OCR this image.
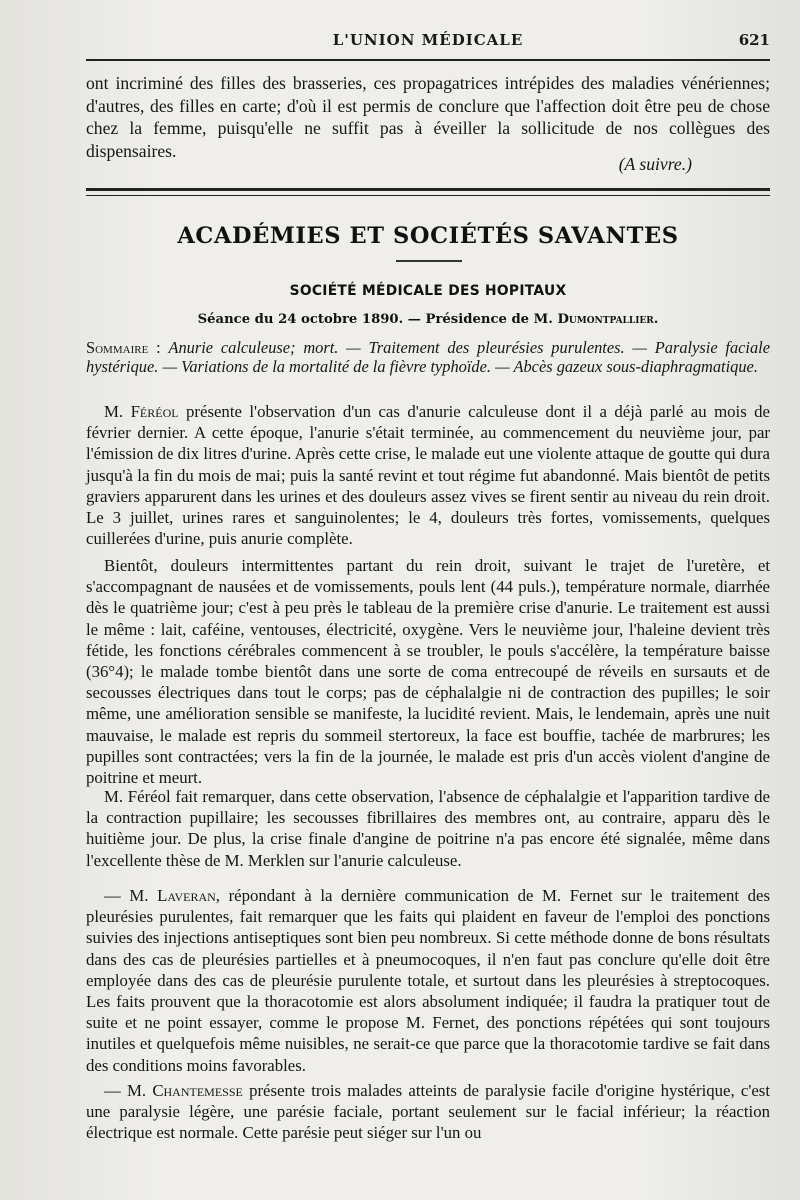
L'UNION MÉDICALE	621
ont incriminé des filles des brasseries, ces propagatrices intrépides des maladies vénériennes; d'autres, des filles en carte; d'où il est permis de conclure que l'affection doit être peu de chose chez la femme, puisqu'elle ne suffit pas à éveiller la sollicitude de nos collègues des dispensaires.
(A suivre.)
ACADÉMIES ET SOCIÉTÉS SAVANTES
SOCIÉTÉ MÉDICALE DES HOPITAUX
Séance du 24 octobre 1890. — Présidence de M. Dumontpallier.
Sommaire : Anurie calculeuse; mort. — Traitement des pleurésies purulentes. — Paralysie faciale hystérique. — Variations de la mortalité de la fièvre typhoïde. — Abcès gazeux sous-diaphragmatique.
M. Féréol présente l'observation d'un cas d'anurie calculeuse dont il a déjà parlé au mois de février dernier. A cette époque, l'anurie s'était terminée, au commencement du neuvième jour, par l'émission de dix litres d'urine. Après cette crise, le malade eut une violente attaque de goutte qui dura jusqu'à la fin du mois de mai; puis la santé revint et tout régime fut abandonné. Mais bientôt de petits graviers apparurent dans les urines et des douleurs assez vives se firent sentir au niveau du rein droit. Le 3 juillet, urines rares et sanguinolentes; le 4, douleurs très fortes, vomissements, quelques cuillerées d'urine, puis anurie complète.
Bientôt, douleurs intermittentes partant du rein droit, suivant le trajet de l'uretère, et s'accompagnant de nausées et de vomissements, pouls lent (44 puls.), température normale, diarrhée dès le quatrième jour; c'est à peu près le tableau de la première crise d'anurie. Le traitement est aussi le même : lait, caféine, ventouses, électricité, oxygène. Vers le neuvième jour, l'haleine devient très fétide, les fonctions cérébrales commencent à se troubler, le pouls s'accélère, la température baisse (36°4); le malade tombe bientôt dans une sorte de coma entrecoupé de réveils en sursauts et de secousses électriques dans tout le corps; pas de céphalalgie ni de contraction des pupilles; le soir même, une amélioration sensible se manifeste, la lucidité revient. Mais, le lendemain, après une nuit mauvaise, le malade est repris du sommeil stertoreux, la face est bouffie, tachée de marbrures; les pupilles sont contractées; vers la fin de la journée, le malade est pris d'un accès violent d'angine de poitrine et meurt.
M. Féréol fait remarquer, dans cette observation, l'absence de céphalalgie et l'apparition tardive de la contraction pupillaire; les secousses fibrillaires des membres ont, au contraire, apparu dès le huitième jour. De plus, la crise finale d'angine de poitrine n'a pas encore été signalée, même dans l'excellente thèse de M. Merklen sur l'anurie calculeuse.
— M. Laveran, répondant à la dernière communication de M. Fernet sur le traitement des pleurésies purulentes, fait remarquer que les faits qui plaident en faveur de l'emploi des ponctions suivies des injections antiseptiques sont bien peu nombreux. Si cette méthode donne de bons résultats dans des cas de pleurésies partielles et à pneumocoques, il n'en faut pas conclure qu'elle doit être employée dans des cas de pleurésie purulente totale, et surtout dans les pleurésies à streptocoques. Les faits prouvent que la thoracotomie est alors absolument indiquée; il faudra la pratiquer tout de suite et ne point essayer, comme le propose M. Fernet, des ponctions répétées qui sont toujours inutiles et quelquefois même nuisibles, ne serait-ce que parce que la thoracotomie tardive se fait dans des conditions moins favorables.
— M. Chantemesse présente trois malades atteints de paralysie facile d'origine hystérique, c'est une paralysie légère, une parésie faciale, portant seulement sur le facial inférieur; la réaction électrique est normale. Cette parésie peut siéger sur l'un ou
